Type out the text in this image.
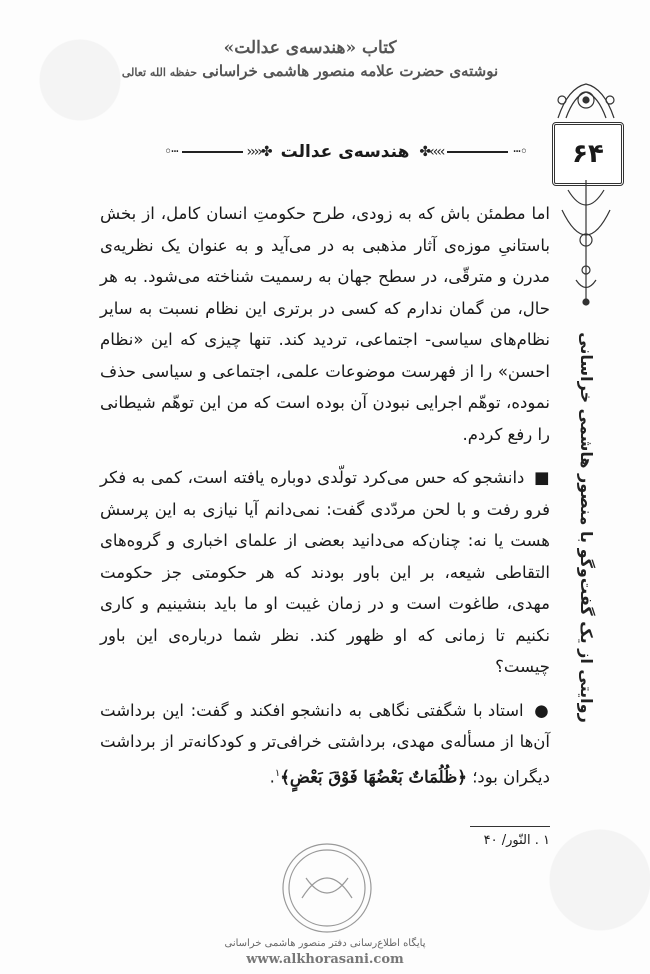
کتاب «هندسه‌ی عدالت»
نوشته‌ی حضرت علامه منصور هاشمی خراسانی حفظه الله تعالی
◦···	››››✤ هندسه‌ی عدالت ✤‹‹‹‹	···◦ ۶۴
روایتی از یک گفت‌وگو با منصور هاشمی خراسانی

اما مطمئن باش که به زودی، طرح حکومتِ انسان کامل، از بخش باستانیِ موزه‌ی آثار مذهبی به در می‌آید و به عنوان یک نظریه‌ی مدرن و مترقّی، در سطح جهان به رسمیت شناخته می‌شود. به هر حال، من گمان ندارم که کسی در برتری این نظام نسبت به سایر نظام‌های سیاسی- اجتماعی، تردید کند. تنها چیزی که این «نظام احسن» را از فهرست موضوعات علمی، اجتماعی و سیاسی حذف نموده، توهّم اجرایی نبودن آن بوده است که من این توهّم شیطانی را رفع کردم.

■ دانشجو که حس می‌کرد تولّدی دوباره یافته است، کمی به فکر فرو رفت و با لحن مردّدی گفت: نمی‌دانم آیا نیازی به این پرسش هست یا نه: چنان‌که می‌دانید بعضی از علمای اخباری و گروه‌های التقاطی شیعه، بر این باور بودند که هر حکومتی جز حکومت مهدی، طاغوت است و در زمان غیبت او ما باید بنشینیم و کاری نکنیم تا زمانی که او ظهور کند. نظر شما درباره‌ی این باور چیست؟

● استاد با شگفتی نگاهی به دانشجو افکند و گفت: این برداشت آن‌ها از مسأله‌ی مهدی، برداشتی خرافی‌تر و کودکانه‌تر از برداشت دیگران بود؛ ﴿ظُلُمَاتٌ بَعْضُهَا فَوْقَ بَعْضٍ﴾$^۱$.

۱ . النّور/ ۴۰
پایگاه اطلاع‌رسانی دفتر منصور هاشمی خراسانی
www.alkhorasani.com
